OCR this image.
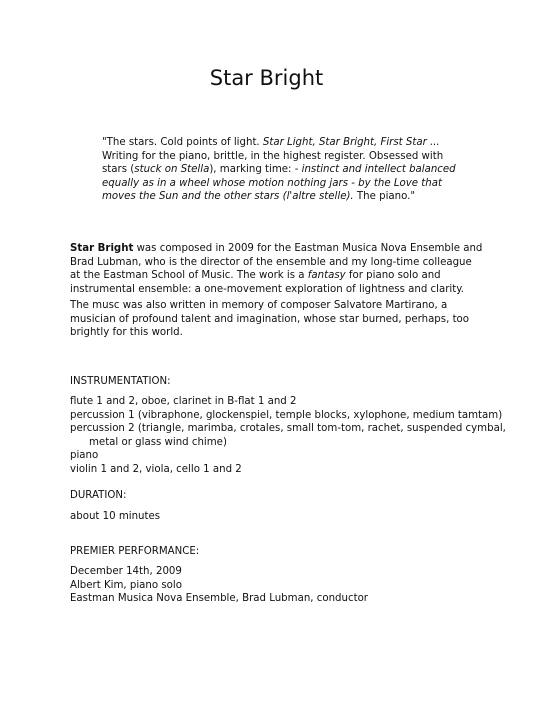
Star Bright
"The stars. Cold points of light. Star Light, Star Bright, First Star ...
Writing for the piano, brittle, in the highest register. Obsessed with
stars (stuck on Stella), marking time: - instinct and intellect balanced
equally as in a wheel whose motion nothing jars - by the Love that
moves the Sun and the other stars (l'altre stelle). The piano."
Star Bright was composed in 2009 for the Eastman Musica Nova Ensemble and
Brad Lubman, who is the director of the ensemble and my long-time colleague
at the Eastman School of Music. The work is a fantasy for piano solo and
instrumental ensemble: a one-movement exploration of lightness and clarity.
The musc was also written in memory of composer Salvatore Martirano, a
musician of profound talent and imagination, whose star burned, perhaps, too
brightly for this world.
INSTRUMENTATION:
flute 1 and 2, oboe, clarinet in B-flat 1 and 2
percussion 1 (vibraphone, glockenspiel, temple blocks, xylophone, medium tamtam)
percussion 2 (triangle, marimba, crotales, small tom-tom, rachet, suspended cymbal,
metal or glass wind chime)
piano
violin 1 and 2, viola, cello 1 and 2
DURATION:
about 10 minutes
PREMIER PERFORMANCE:
December 14th, 2009
Albert Kim, piano solo
Eastman Musica Nova Ensemble, Brad Lubman, conductor
